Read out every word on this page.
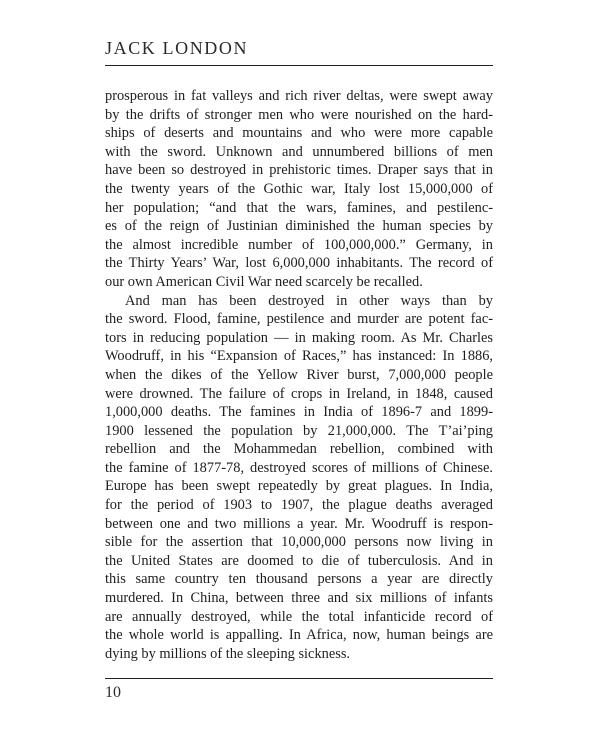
JACK LONDON
prosperous in fat valleys and rich river deltas, were swept away
by the drifts of stronger men who were nourished on the hard-
ships of deserts and mountains and who were more capable
with the sword. Unknown and unnumbered billions of men
have been so destroyed in prehistoric times. Draper says that in
the twenty years of the Gothic war, Italy lost 15,000,000 of
her population; “and that the wars, famines, and pestilenc-
es of the reign of Justinian diminished the human species by
the almost incredible number of 100,000,000.” Germany, in
the Thirty Years’ War, lost 6,000,000 inhabitants. The record of
our own American Civil War need scarcely be recalled.
And man has been destroyed in other ways than by
the sword. Flood, famine, pestilence and murder are potent fac-
tors in reducing population — in making room. As Mr. Charles
Woodruff, in his “Expansion of Races,” has instanced: In 1886,
when the dikes of the Yellow River burst, 7,000,000 people
were drowned. The failure of crops in Ireland, in 1848, caused
1,000,000 deaths. The famines in India of 1896-7 and 1899-
1900 lessened the population by 21,000,000. The T’ai’ping
rebellion and the Mohammedan rebellion, combined with
the famine of 1877-78, destroyed scores of millions of Chinese.
Europe has been swept repeatedly by great plagues. In India,
for the period of 1903 to 1907, the plague deaths averaged
between one and two millions a year. Mr. Woodruff is respon-
sible for the assertion that 10,000,000 persons now living in
the United States are doomed to die of tuberculosis. And in
this same country ten thousand persons a year are directly
murdered. In China, between three and six millions of infants
are annually destroyed, while the total infanticide record of
the whole world is appalling. In Africa, now, human beings are
dying by millions of the sleeping sickness.
10
